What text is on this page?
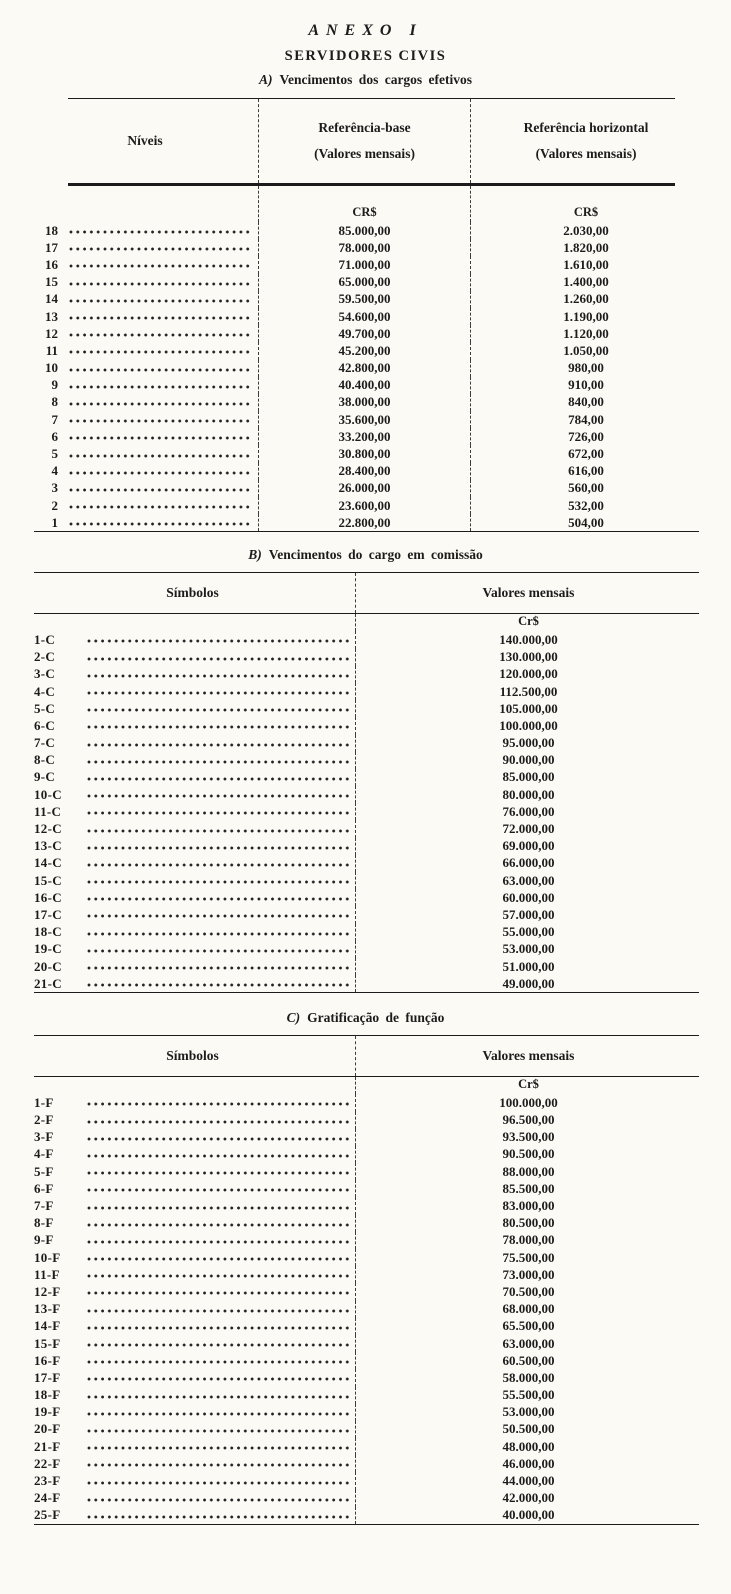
ANEXO I
SERVIDORES CIVIS
A) Vencimentos dos cargos efetivos
Níveis
Referência-base
(Valores mensais)
Referência horizontal
(Valores mensais)
CR$	CR$
18	85.000,00	2.030,00
17	78.000,00	1.820,00
16	71.000,00	1.610,00
15	65.000,00	1.400,00
14	59.500,00	1.260,00
13	54.600,00	1.190,00
12	49.700,00	1.120,00
11	45.200,00	1.050,00
10	42.800,00	980,00
9	40.400,00	910,00
8	38.000,00	840,00
7	35.600,00	784,00
6	33.200,00	726,00
5	30.800,00	672,00
4	28.400,00	616,00
3	26.000,00	560,00
2	23.600,00	532,00
1	22.800,00	504,00
B) Vencimentos do cargo em comissão
Símbolos	Valores mensais
Cr$
1-C	140.000,00
2-C	130.000,00
3-C	120.000,00
4-C	112.500,00
5-C	105.000,00
6-C	100.000,00
7-C	95.000,00
8-C	90.000,00
9-C	85.000,00
10-C	80.000,00
11-C	76.000,00
12-C	72.000,00
13-C	69.000,00
14-C	66.000,00
15-C	63.000,00
16-C	60.000,00
17-C	57.000,00
18-C	55.000,00
19-C	53.000,00
20-C	51.000,00
21-C	49.000,00
C) Gratificação de função
Símbolos	Valores mensais
Cr$
1-F	100.000,00
2-F	96.500,00
3-F	93.500,00
4-F	90.500,00
5-F	88.000,00
6-F	85.500,00
7-F	83.000,00
8-F	80.500,00
9-F	78.000,00
10-F	75.500,00
11-F	73.000,00
12-F	70.500,00
13-F	68.000,00
14-F	65.500,00
15-F	63.000,00
16-F	60.500,00
17-F	58.000,00
18-F	55.500,00
19-F	53.000,00
20-F	50.500,00
21-F	48.000,00
22-F	46.000,00
23-F	44.000,00
24-F	42.000,00
25-F	40.000,00
